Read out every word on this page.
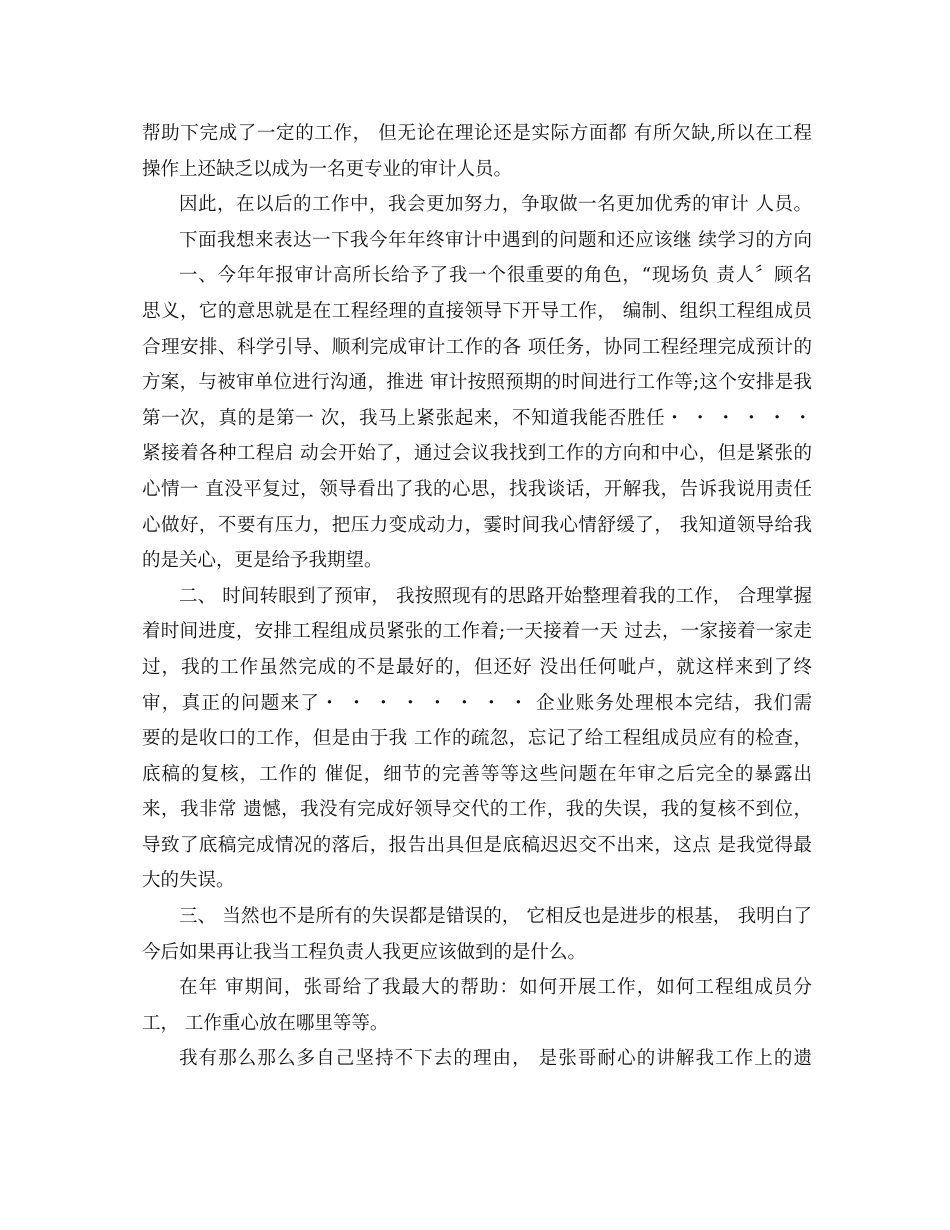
帮助下完成了一定的工作， 但无论在理论还是实际方面都 有所欠缺,所以在工程
操作上还缺乏以成为一名更专业的审计人员。
因此，在以后的工作中，我会更加努力，争取做一名更加优秀的审计 人员。
下面我想来表达一下我今年年终审计中遇到的问题和还应该继 续学习的方向
一、今年年报审计高所长给予了我一个很重要的角色，“现场负 责人〞顾名
思义，它的意思就是在工程经理的直接领导下开导工作， 编制、组织工程组成员
合理安排、科学引导、顺利完成审计工作的各 项任务，协同工程经理完成预计的
方案，与被审单位进行沟通，推进 审计按照预期的时间进行工作等;这个安排是我
第一次，真的是第一 次，我马上紧张起来，不知道我能否胜任・ ・ ・ ・ ・ ・
紧接着各种工程启 动会开始了，通过会议我找到工作的方向和中心，但是紧张的
心情一 直没平复过，领导看出了我的心思，找我谈话，开解我，告诉我说用责任
心做好，不要有压力，把压力变成动力，霎时间我心情舒缓了， 我知道领导给我
的是关心，更是给予我期望。
二、 时间转眼到了预审， 我按照现有的思路开始整理着我的工作， 合理掌握
着时间进度，安排工程组成员紧张的工作着;一天接着一天 过去，一家接着一家走
过，我的工作虽然完成的不是最好的，但还好 没出任何呲卢，就这样来到了终
审，真正的问题来了・ ・ ・ ・ ・ ・ ・ ・ 企业账务处理根本完结，我们需
要的是收口的工作，但是由于我 工作的疏忽，忘记了给工程组成员应有的检查，
底稿的复核，工作的 催促，细节的完善等等这些问题在年审之后完全的暴露出
来，我非常 遗憾，我没有完成好领导交代的工作，我的失误，我的复核不到位，
导致了底稿完成情况的落后，报告出具但是底稿迟迟交不出来，这点 是我觉得最
大的失误。
三、 当然也不是所有的失误都是错误的， 它相反也是进步的根基， 我明白了
今后如果再让我当工程负责人我更应该做到的是什么。
在年 审期间，张哥给了我最大的帮助：如何开展工作，如何工程组成员分
工， 工作重心放在哪里等等。
我有那么那么多自己坚持不下去的理由， 是张哥耐心的讲解我工作上的遗
